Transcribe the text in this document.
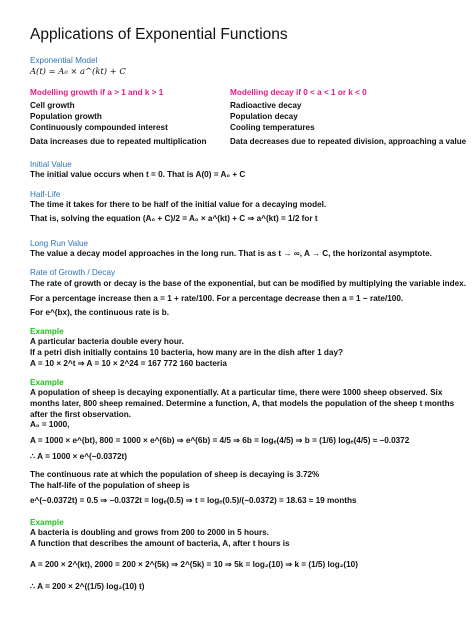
Applications of Exponential Functions
Exponential Model
A(t) = A₀ × a^(kt) + C
Modelling growth if a > 1 and k > 1
Cell growth
Population growth
Continuously compounded interest
Data increases due to repeated multiplication
Modelling decay if 0 < a < 1 or k < 0
Radioactive decay
Population decay
Cooling temperatures
Data decreases due to repeated division, approaching a value
Initial Value
The initial value occurs when t = 0. That is A(0) = A₀ + C
Half-Life
The time it takes for there to be half of the initial value for a decaying model.
That is, solving the equation (A₀ + C)/2 = A₀ × a^(kt) + C ⇒ a^(kt) = 1/2 for t
Long Run Value
The value a decay model approaches in the long run. That is as t → ∞, A → C, the horizontal asymptote.
Rate of Growth / Decay
The rate of growth or decay is the base of the exponential, but can be modified by multiplying the variable index.
For a percentage increase then a = 1 + rate/100. For a percentage decrease then a = 1 − rate/100.
For e^(bx), the continuous rate is b.
Example
A particular bacteria double every hour.
If a petri dish initially contains 10 bacteria, how many are in the dish after 1 day?
A = 10 × 2^t ⇒ A = 10 × 2^24 = 167 772 160 bacteria
Example
A population of sheep is decaying exponentially. At a particular time, there were 1000 sheep observed. Six
months later, 800 sheep remained. Determine a function, A, that models the population of the sheep t months
after the first observation.
A₀ = 1000,
A = 1000 × e^(bt), 800 = 1000 × e^(6b) ⇒ e^(6b) = 4/5 ⇒ 6b = logₑ(4/5) ⇒ b = (1/6) logₑ(4/5) ≈ −0.0372
∴ A = 1000 × e^(−0.0372t)
The continuous rate at which the population of sheep is decaying is 3.72%
The half-life of the population of sheep is
e^(−0.0372t) = 0.5 ⇒ −0.0372t = logₑ(0.5) ⇒ t = logₑ(0.5)/(−0.0372) = 18.63 ≈ 19 months
Example
A bacteria is doubling and grows from 200 to 2000 in 5 hours.
A function that describes the amount of bacteria, A, after t hours is
A = 200 × 2^(kt), 2000 = 200 × 2^(5k) ⇒ 2^(5k) = 10 ⇒ 5k = log₂(10) ⇒ k = (1/5) log₂(10)
∴ A = 200 × 2^((1/5) log₂(10) t)
